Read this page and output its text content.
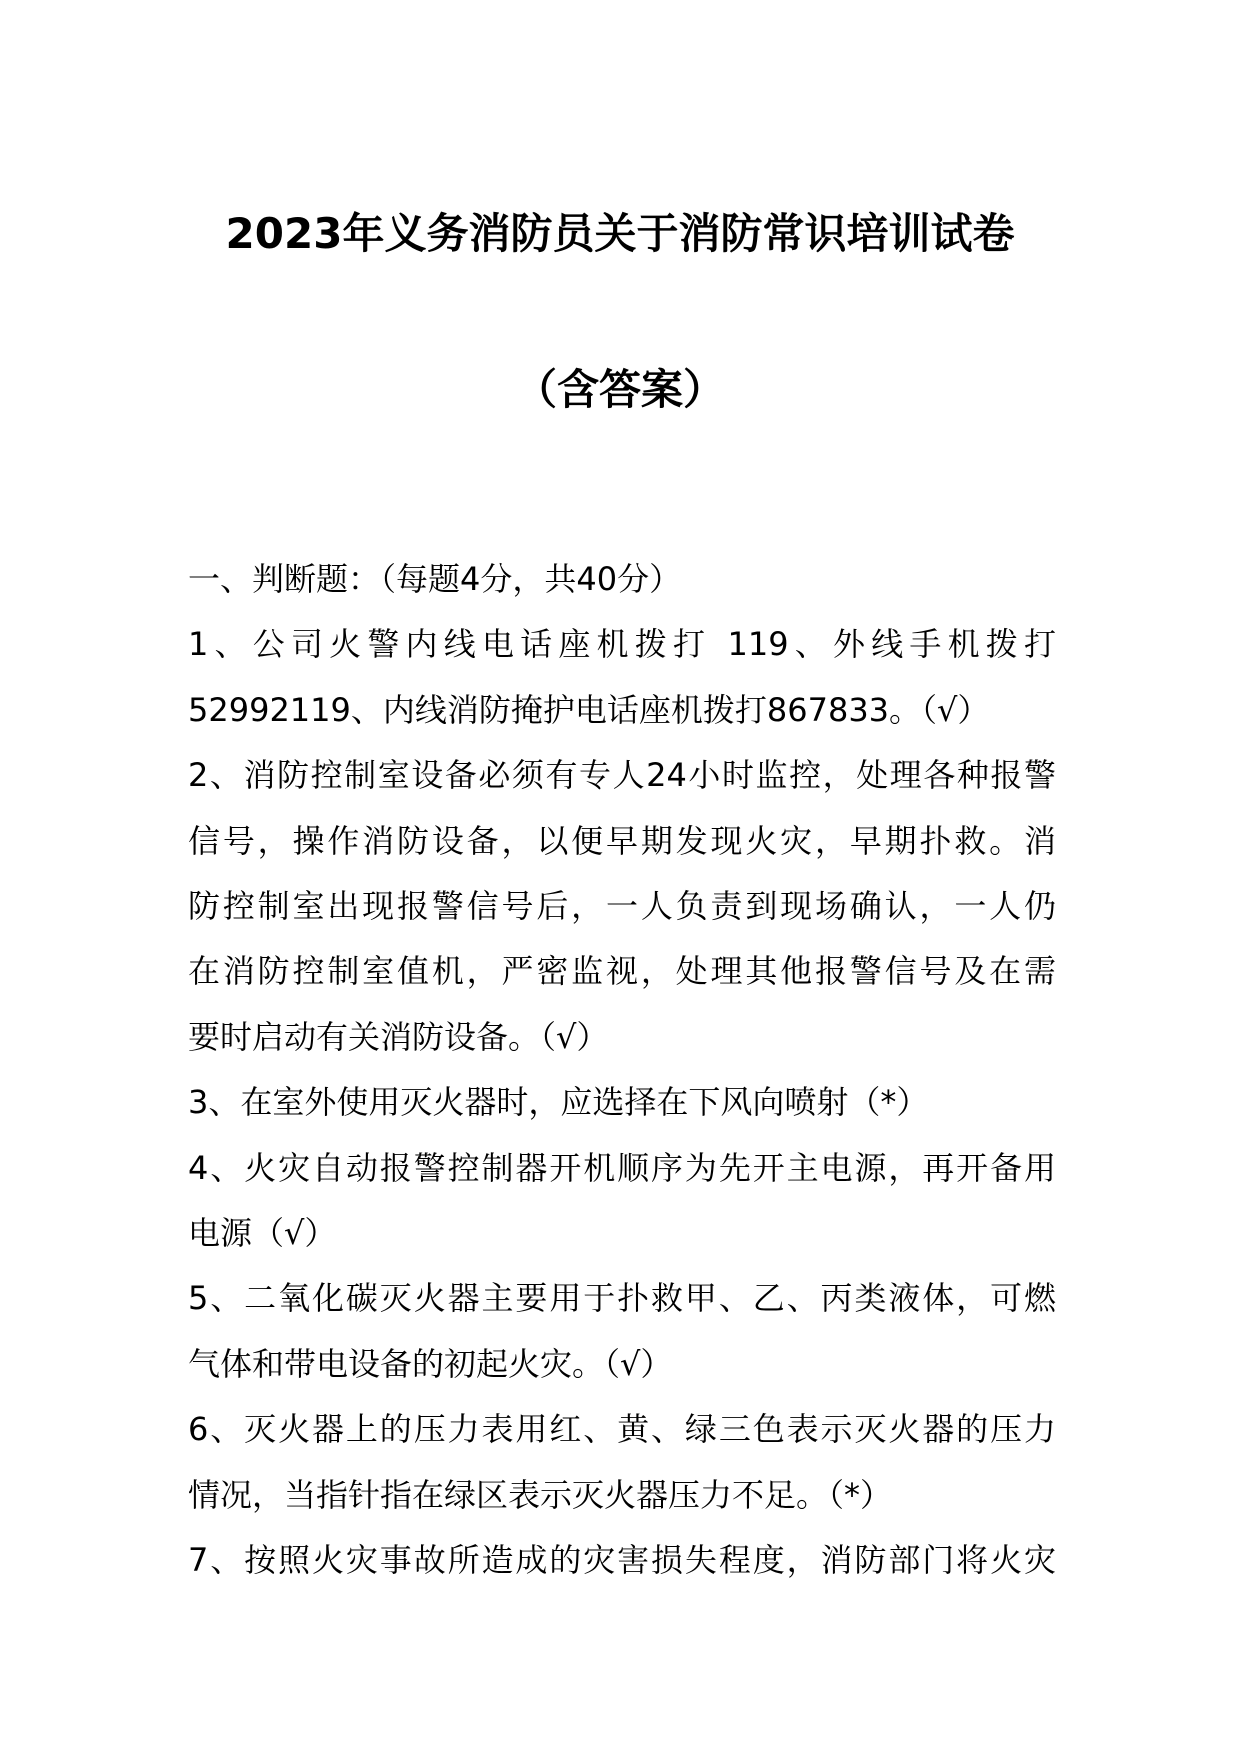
2023年义务消防员关于消防常识培训试卷
（含答案）

一、判断题：（每题4分，共40分）

1、公司火警内线电话座机拨打 119、外线手机拨打

52992119、内线消防掩护电话座机拨打867833。（√）

2、消防控制室设备必须有专人24小时监控，处理各种报警

信号，操作消防设备，以便早期发现火灾，早期扑救。消

防控制室出现报警信号后，一人负责到现场确认，一人仍

在消防控制室值机，严密监视，处理其他报警信号及在需

要时启动有关消防设备。（√）

3、在室外使用灭火器时，应选择在下风向喷射（*）

4、火灾自动报警控制器开机顺序为先开主电源，再开备用

电源（√）

5、二氧化碳灭火器主要用于扑救甲、乙、丙类液体，可燃

气体和带电设备的初起火灾。（√）

6、灭火器上的压力表用红、黄、绿三色表示灭火器的压力

情况，当指针指在绿区表示灭火器压力不足。（*）

7、按照火灾事故所造成的灾害损失程度，消防部门将火灾
